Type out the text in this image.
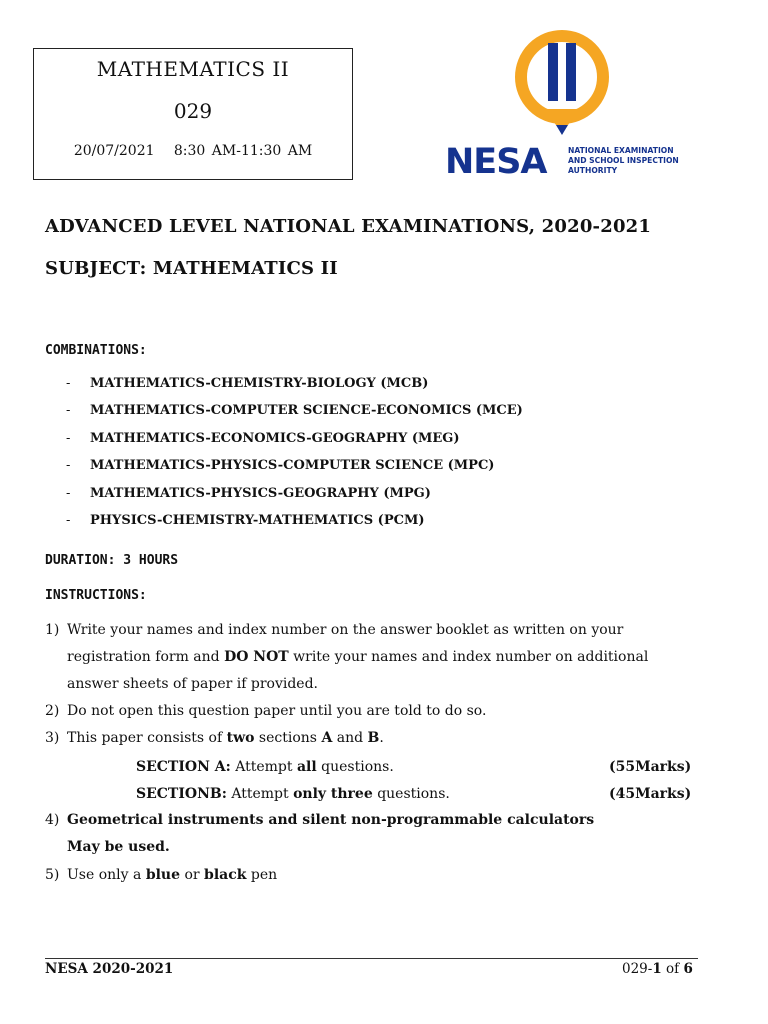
MATHEMATICS II
029
20/07/2021 8:30 AM-11:30 AM	NESA	NATIONAL EXAMINATION
AND SCHOOL INSPECTION
AUTHORITY
ADVANCED LEVEL NATIONAL EXAMINATIONS, 2020-2021
SUBJECT: MATHEMATICS II
COMBINATIONS:
- MATHEMATICS-CHEMISTRY-BIOLOGY (MCB)
- MATHEMATICS-COMPUTER SCIENCE-ECONOMICS (MCE)
- MATHEMATICS-ECONOMICS-GEOGRAPHY (MEG)
- MATHEMATICS-PHYSICS-COMPUTER SCIENCE (MPC)
- MATHEMATICS-PHYSICS-GEOGRAPHY (MPG)
- PHYSICS-CHEMISTRY-MATHEMATICS (PCM)
DURATION: 3 HOURS
INSTRUCTIONS:
1) Write your names and index number on the answer booklet as written on your
registration form and DO NOT write your names and index number on additional
answer sheets of paper if provided.
2) Do not open this question paper until you are told to do so.
3) This paper consists of two sections A and B.
SECTION A: Attempt all questions.	(55Marks)
SECTIONB: Attempt only three questions.	(45Marks)
4) Geometrical instruments and silent non-programmable calculators
May be used.
5) Use only a blue or black pen
NESA 2020-2021	029-1 of 6
